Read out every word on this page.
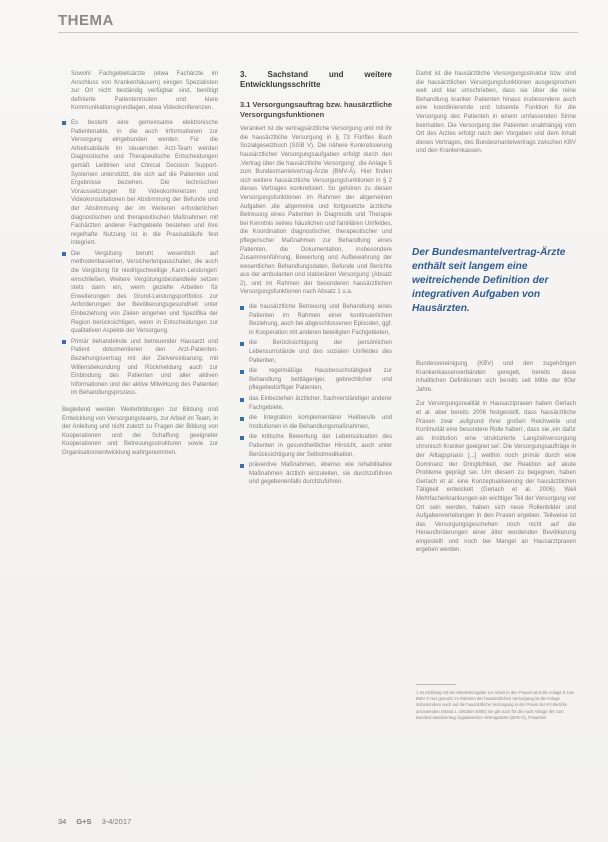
THEMA

Sowohl Fachgebietsärzte (etwa Fachärzte im Anschluss von Krankenhäusern) einigen Spezialisten zur Ort nicht beständig verfügbar sind, benötigt definierte Patientenrouten und klare Kommunikationsgrundlagen, etwa Videokonferenzen.

Es besteht eine gemeinsame elektronische Patientenakte, in die auch Informationen zur Versorgung eingebunden werden. Für die Arbeitsabläufe im steuernden Arzt-Team werden Diagnostische und Therapeutische Entscheidungen gemäß Leitlinien und Clinical Decision Support-Systemen unterstützt, die sich auf die Patienten und Ergebnisse beziehen. Die technischen Voraussetzungen für Videokonferenzen und Videokonsultationen bei Abstimmung der Befunde und der Abstimmung der im Weiteren erforderlichen diagnostischen und therapeutischen Maßnahmen mit Fachärzten anderer Fachgebiete bestehen und ihre regelhafte Nutzung ist in die Praxisabläufe fest integriert.
Die Vergütung beruht wesentlich auf methodenbasierten, Versichertenpauschalen, die auch die Vergütung für niedrigschwellige ‚Kann-Leistungen' einschließen. Weitere Vergütungsbestandteile setzen stets dann ein, wenn gezielte Arbeiten für Erweiterungen des Grund-Leistungsportfolios zur Anforderungen der Bevölkerungsgesundheit unter Einbeziehung von Zielen eingehen und Spezifika der Region berücksichtigen, wenn in Entscheidungen zur qualitativen Aspekte der Versorgung.
Primär behandelnde und betreuender Hausarzt und Patient dokumentieren den Arzt-Patienten-Beziehungsvertrag mit der Zielvereinbarung, mit Willensbekundung und Rückmeldung auch zur Einbindung des Patienten und aller aktiven Informationen und der aktive Mitwirkung des Patienten im Behandlungsprozess.

Begleitend werden Weiterbildungen zur Bildung und Entwicklung von Versorgungsteams, zur Arbeit im Team, in der Anleitung und nicht zuletzt zu Fragen der Bildung von Kooperationen und der Schaffung geeigneter Kooperationen und Betreuungsstrukturen sowie zur Organisationsentwicklung wahrgenommen.

3. Sachstand und weitere Entwicklungsschritte
3.1 Versorgungsauftrag bzw. hausärztliche Versorgungsfunktionen

Verankert ist die vertragsärztliche Versorgung und mit ihr die hausärztliche Versorgung in § 73 Fünftes Buch Sozialgesetzbuch (SGB V). Die nähere Konkretisierung hausärztlicher Versorgungsaufgaben erfolgt durch den ‚Vertrag über die hausärztliche Versorgung', die Anlage 5 zum Bundesmantelvertrag-Ärzte (BMV-Ä). Hier finden sich weitere hausärztliche Versorgungsfunktionen in § 2 dieses Vertrages konkretisiert. So gehören zu diesen Versorgungsfunktionen im Rahmen der allgemeinen Aufgaben ‚die allgemeine und fortgesetzte ärztliche Betreuung eines Patienten in Diagnostik und Therapie bei Kenntnis seines häuslichen und familiären Umfeldes, die Koordination diagnostischer, therapeutischer und pflegerischer Maßnahmen zur Behandlung eines Patienten, die Dokumentation, insbesondere Zusammenführung, Bewertung und Aufbewahrung der wesentlichen Behandlungsdaten, Befunde und Berichte aus der ambulanten und stationären Versorgung' (Absatz 2), und im Rahmen der besonderen hausärztlichen Versorgungsfunktionen nach Absatz 1 u.a.

die hausärztliche Betreuung und Behandlung eines Patienten im Rahmen einer kontinuierlichen Beziehung, auch bei abgeschlossenen Episoden, ggf. in Kooperation mit anderen beteiligten Fachgebieten,
die Berücksichtigung der persönlichen Lebensumstände und des sozialen Umfeldes des Patienten,
die regelmäßige Hausbesuchstätigkeit zur Behandlung bettlägeriger, gebrechlicher und pflegebedürftiger Patienten,
das Einbeziehen ärztlicher, Sachverständiger anderer Fachgebiete,
die Integration komplementärer Heilberufe und Institutionen in die Behandlungsmaßnahmen,
die kritische Bewertung der Lebenssituation des Patienten in gesundheitlicher Hinsicht, auch unter Berücksichtigung der Selbstmedikation,
präventive Maßnahmen, ebenso wie rehabilitative Maßnahmen ärztlich einzuleiten, sie durchzuführen und gegebenenfalls durchzuführen.

Damit ist die hausärztliche Versorgungsstruktur bzw. sind die hausärztlichen Versorgungsfunktionen ausgesprochen weit und klar umschrieben, dass sie über die reine Behandlung kranker Patienten hinaus insbesondere auch eine koordinierende und lotsende Funktion für die Versorgung des Patienten in einem umfassenden Sinne beinhalten. Die Versorgung der Patienten unabhängig vom Ort des Arztes erfolgt nach den Vorgaben und dem Inhalt dieses Vertrages, des Bundesmantelvertrags zwischen KBV und den Krankenkassen.

Der Bundesmantelvertrag-Ärzte enthält seit langem eine weitreichende Definition der integrativen Aufgaben von Hausärzten.

Bundesvereinigung (KBV) und den zugehörigen Krankenkassenverbänden geregelt, bereits diese inhaltlichen Definitionen sich bereits seit Mitte der 90er Jahre.

Zur Versorgungsrealität in Hausarztpraxen haben Gerlach et al. aber bereits 2006 festgestellt, dass hausärztliche Praxen zwar ‚aufgrund ihrer großen Reichweite und Kontinuität eine besondere Rolle haben', dass sie ‚ein dafür als Institution eine strukturierte Langzeitversorgung chronisch Kranker geeignet sei'. Die Versorgungsaufträge in der Alltagspraxis [...] weithin noch primär durch eine Dominanz der Dringlichkeit, der Reaktion auf akute Probleme geprägt sei. Um diesem zu begegnen, haben Gerlach et al. eine Konzeptualisierung der hausärztlichen Tätigkeit entwickelt (Gerlach et al. 2006). Weil Mehrfacherkrankungen ein wichtiger Teil der Versorgung vor Ort sein werden, haben sich neue Rollenbilder und Aufgabenverteilungen in den Praxen ergeben. Teilweise ist das Versorgungsgeschehen noch nicht auf die Herausforderungen einer älter werdenden Bevölkerung eingestellt und noch bei Mangel an Hausarztpraxen ergeben werden.

1 Im Einklang mit der Mindestvorgabe zur Arbeit in den Praxen wird die Anlage 5 zum BMV-Ä hier genutzt; im Rahmen der hausärztlichen Versorgung ist die Anlage insbesondere auch auf die hausärztliche Versorgung in der Praxis der KV-Bezirke anzuwenden (Stand 1. Oktober 2008); sie gilt auch für die nach Anlage der zum Bundesmantelvertrag zugelassenen Vertragsärzte (BMV-Ä), Präambel.
34 G+S 3-4/2017
